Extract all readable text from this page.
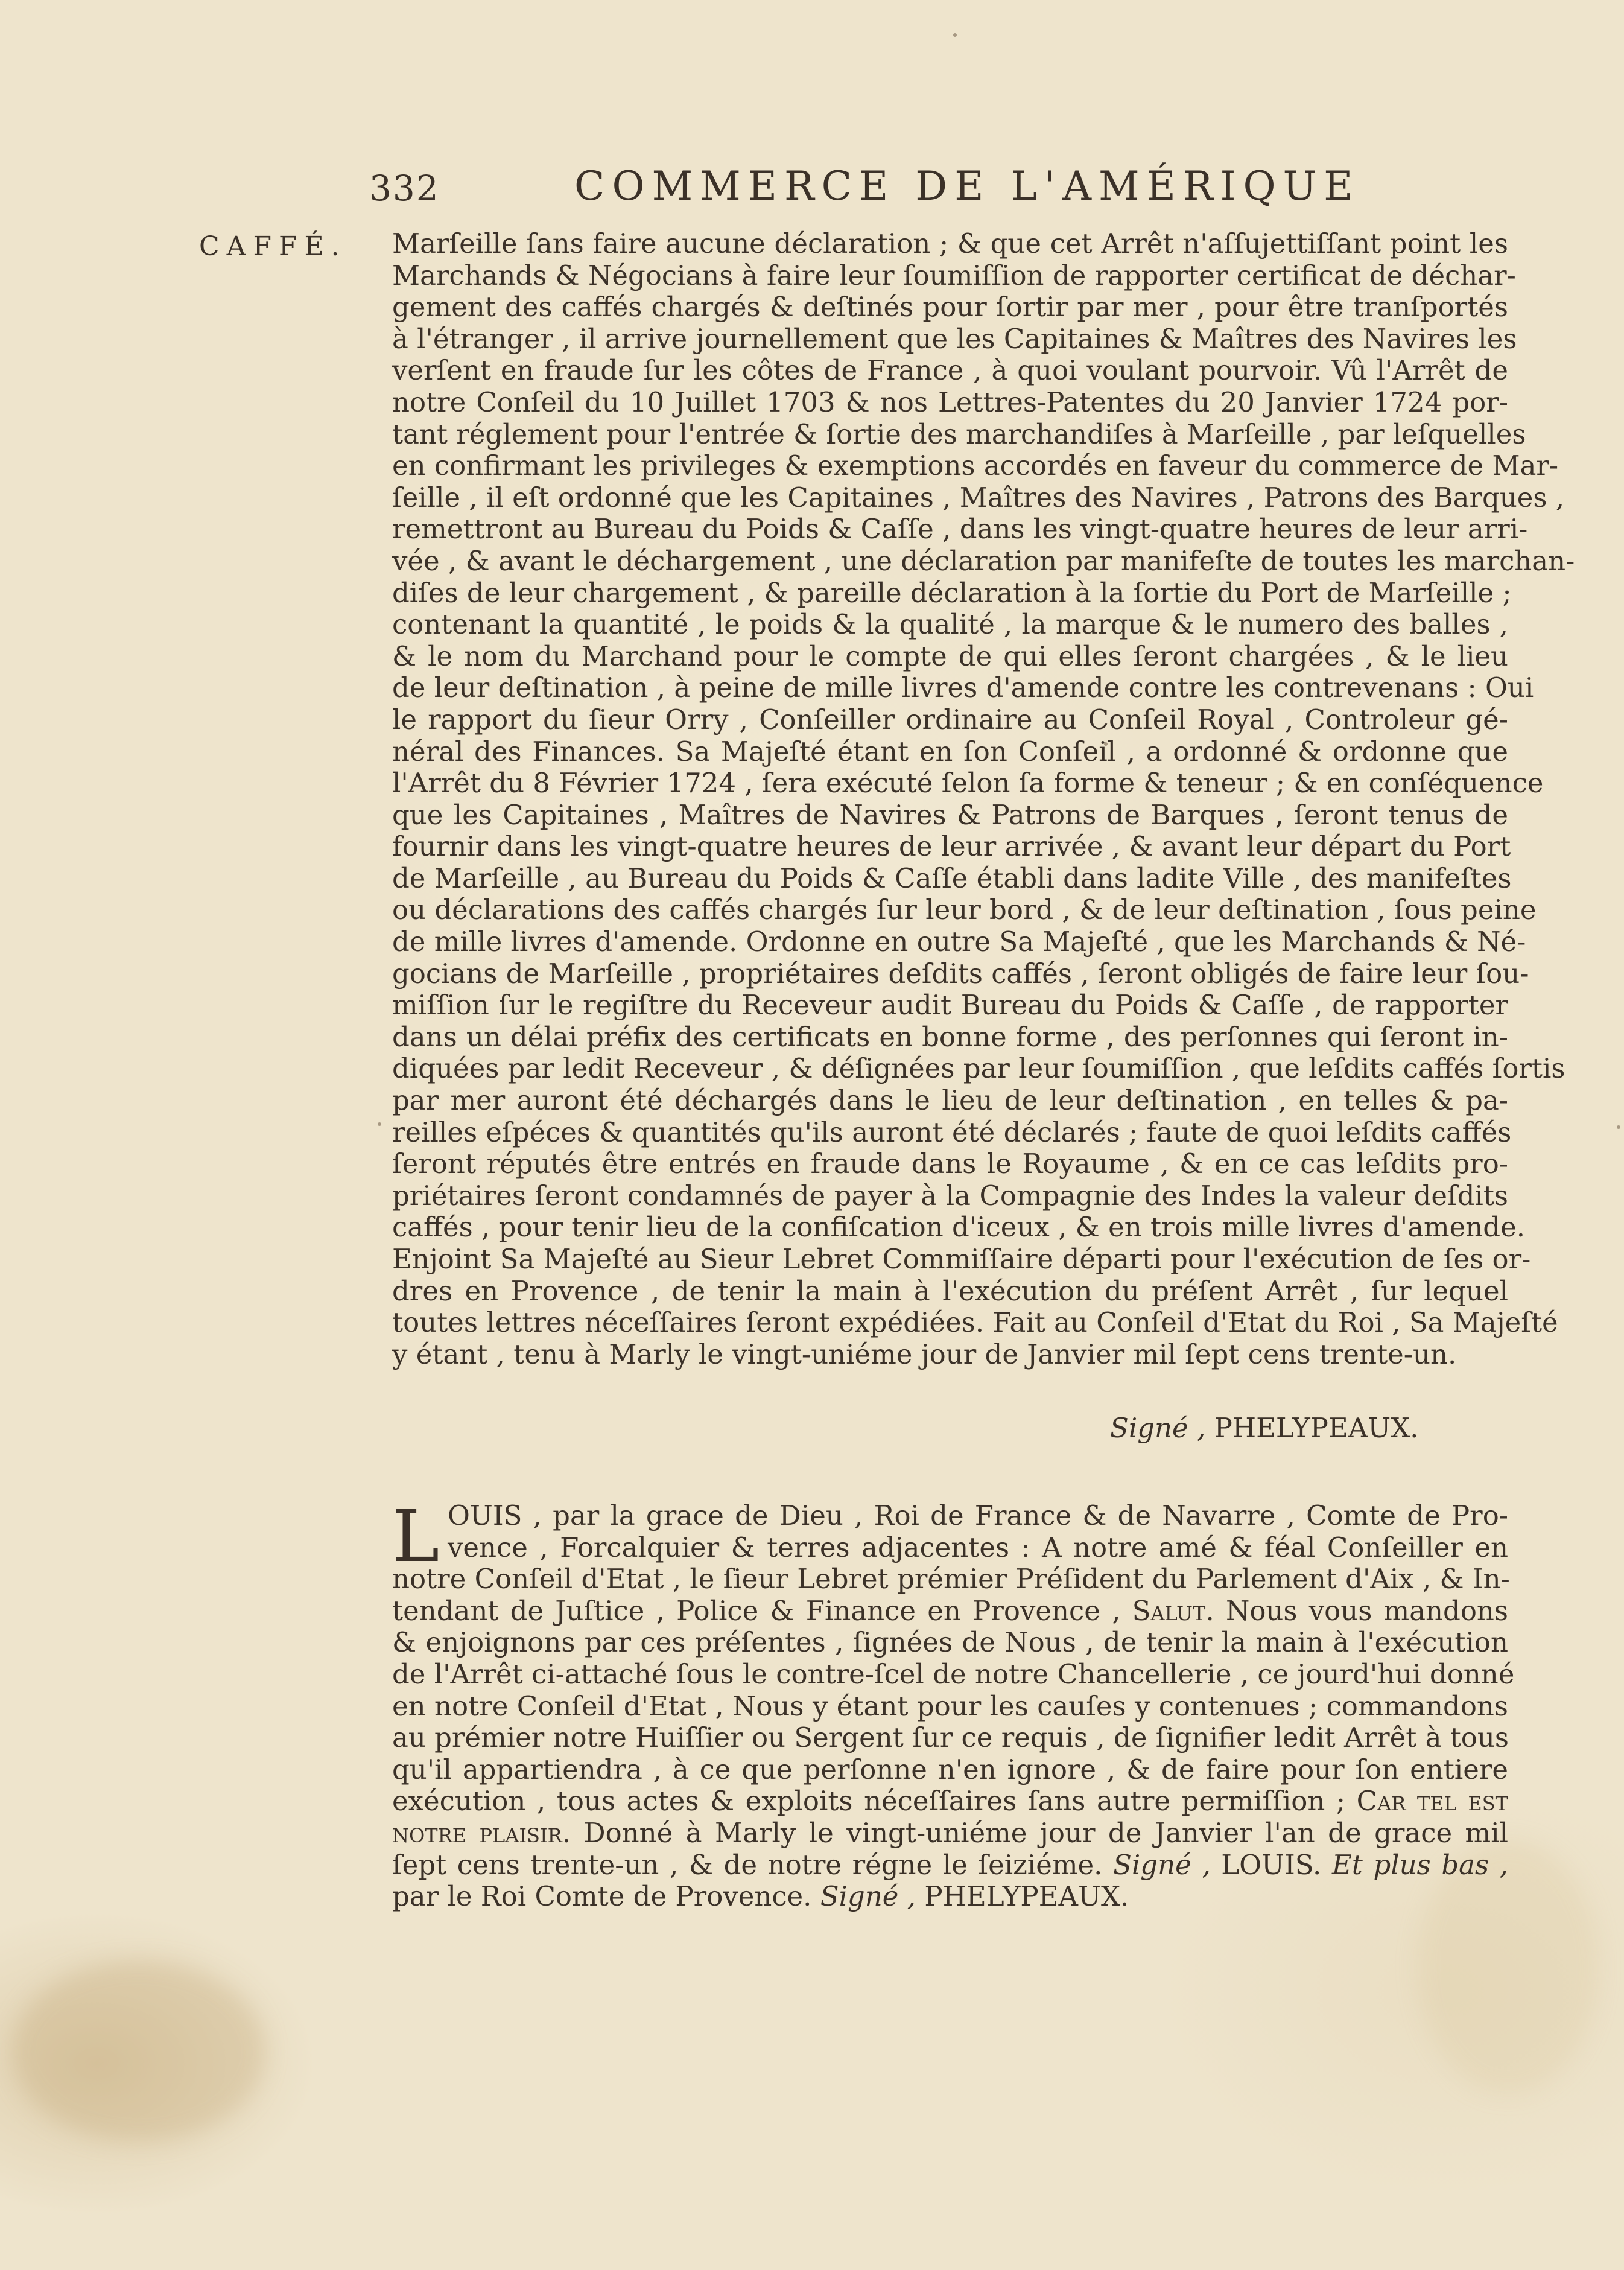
332	COMMERCE DE L'AMÉRIQUE
CAFFÉ. Marſeille ſans faire aucune déclaration ; & que cet Arrêt n'aſſujettiſſant point les
Marchands & Négocians à faire leur ſoumiſſion de rapporter certificat de déchar-
gement des caffés chargés & deſtinés pour ſortir par mer , pour être tranſportés
à l'étranger , il arrive journellement que les Capitaines & Maîtres des Navires les
verſent en fraude ſur les côtes de France , à quoi voulant pourvoir. Vû l'Arrêt de
notre Conſeil du 10 Juillet 1703 & nos Lettres-Patentes du 20 Janvier 1724 por-
tant réglement pour l'entrée & ſortie des marchandiſes à Marſeille , par leſquelles
en confirmant les privileges & exemptions accordés en faveur du commerce de Mar-
ſeille , il eſt ordonné que les Capitaines , Maîtres des Navires , Patrons des Barques ,
remettront au Bureau du Poids & Caſſe , dans les vingt-quatre heures de leur arri-
vée , & avant le déchargement , une déclaration par manifeſte de toutes les marchan-
diſes de leur chargement , & pareille déclaration à la ſortie du Port de Marſeille ;
contenant la quantité , le poids & la qualité , la marque & le numero des balles ,
& le nom du Marchand pour le compte de qui elles ſeront chargées , & le lieu
de leur deſtination , à peine de mille livres d'amende contre les contrevenans : Oui
le rapport du ſieur Orry , Conſeiller ordinaire au Conſeil Royal , Controleur gé-
néral des Finances. Sa Majeſté étant en ſon Conſeil , a ordonné & ordonne que
l'Arrêt du 8 Février 1724 , ſera exécuté ſelon ſa forme & teneur ; & en conſéquence
que les Capitaines , Maîtres de Navires & Patrons de Barques , ſeront tenus de
fournir dans les vingt-quatre heures de leur arrivée , & avant leur départ du Port
de Marſeille , au Bureau du Poids & Caſſe établi dans ladite Ville , des manifeſtes
ou déclarations des caffés chargés ſur leur bord , & de leur deſtination , ſous peine
de mille livres d'amende. Ordonne en outre Sa Majeſté , que les Marchands & Né-
gocians de Marſeille , propriétaires deſdits caffés , ſeront obligés de faire leur ſou-
miſſion ſur le regiſtre du Receveur audit Bureau du Poids & Caſſe , de rapporter
dans un délai préfix des certificats en bonne forme , des perſonnes qui ſeront in-
diquées par ledit Receveur , & déſignées par leur ſoumiſſion , que leſdits caffés ſortis
par mer auront été déchargés dans le lieu de leur deſtination , en telles & pa-
reilles eſpéces & quantités qu'ils auront été déclarés ; faute de quoi leſdits caffés
ſeront réputés être entrés en fraude dans le Royaume , & en ce cas leſdits pro-
priétaires ſeront condamnés de payer à la Compagnie des Indes la valeur deſdits
caffés , pour tenir lieu de la confiſcation d'iceux , & en trois mille livres d'amende.
Enjoint Sa Majeſté au Sieur Lebret Commiſſaire départi pour l'exécution de ſes or-
dres en Provence , de tenir la main à l'exécution du préſent Arrêt , ſur lequel
toutes lettres néceſſaires ſeront expédiées. Fait au Conſeil d'Etat du Roi , Sa Majeſté
y étant , tenu à Marly le vingt-uniéme jour de Janvier mil ſept cens trente-un.
Signé , PHELYPEAUX.
L OUIS , par la grace de Dieu , Roi de France & de Navarre , Comte de Pro-
vence , Forcalquier & terres adjacentes : A notre amé & féal Conſeiller en
notre Conſeil d'Etat , le ſieur Lebret prémier Préſident du Parlement d'Aix , & In-
tendant de Juſtice , Police & Finance en Provence , Salut. Nous vous mandons
& enjoignons par ces préſentes , ſignées de Nous , de tenir la main à l'exécution
de l'Arrêt ci-attaché ſous le contre-ſcel de notre Chancellerie , ce jourd'hui donné
en notre Conſeil d'Etat , Nous y étant pour les cauſes y contenues ; commandons
au prémier notre Huiſſier ou Sergent ſur ce requis , de ſignifier ledit Arrêt à tous
qu'il appartiendra , à ce que perſonne n'en ignore , & de faire pour ſon entiere
exécution , tous actes & exploits néceſſaires ſans autre permiſſion ; Car tel est
notre plaisir. Donné à Marly le vingt-uniéme jour de Janvier l'an de grace mil
ſept cens trente-un , & de notre régne le ſeiziéme. Signé , LOUIS. Et plus bas ,
par le Roi Comte de Provence. Signé , PHELYPEAUX.
